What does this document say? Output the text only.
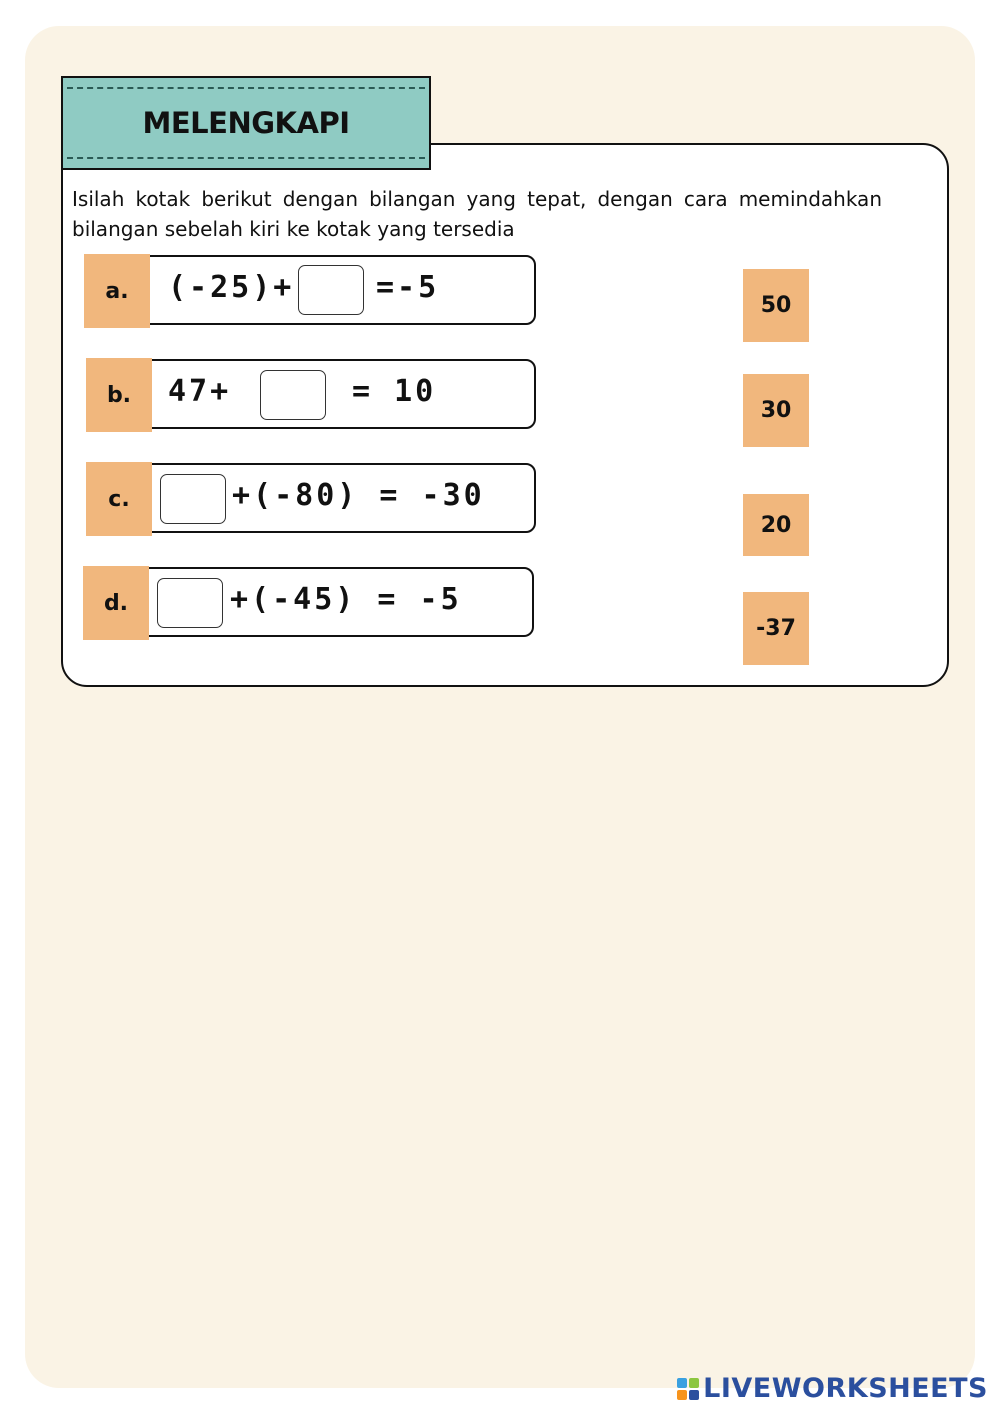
MELENGKAPI
Isilah kotak berikut dengan bilangan yang tepat, dengan cara memindahkan bilangan sebelah kiri ke kotak yang tersedia
a.	(-25)+	=-5
b.	47+	= 10
c.	+(-80) = -30
d.	+(-45) = -5
50
30
20
-37
LIVEWORKSHEETS
